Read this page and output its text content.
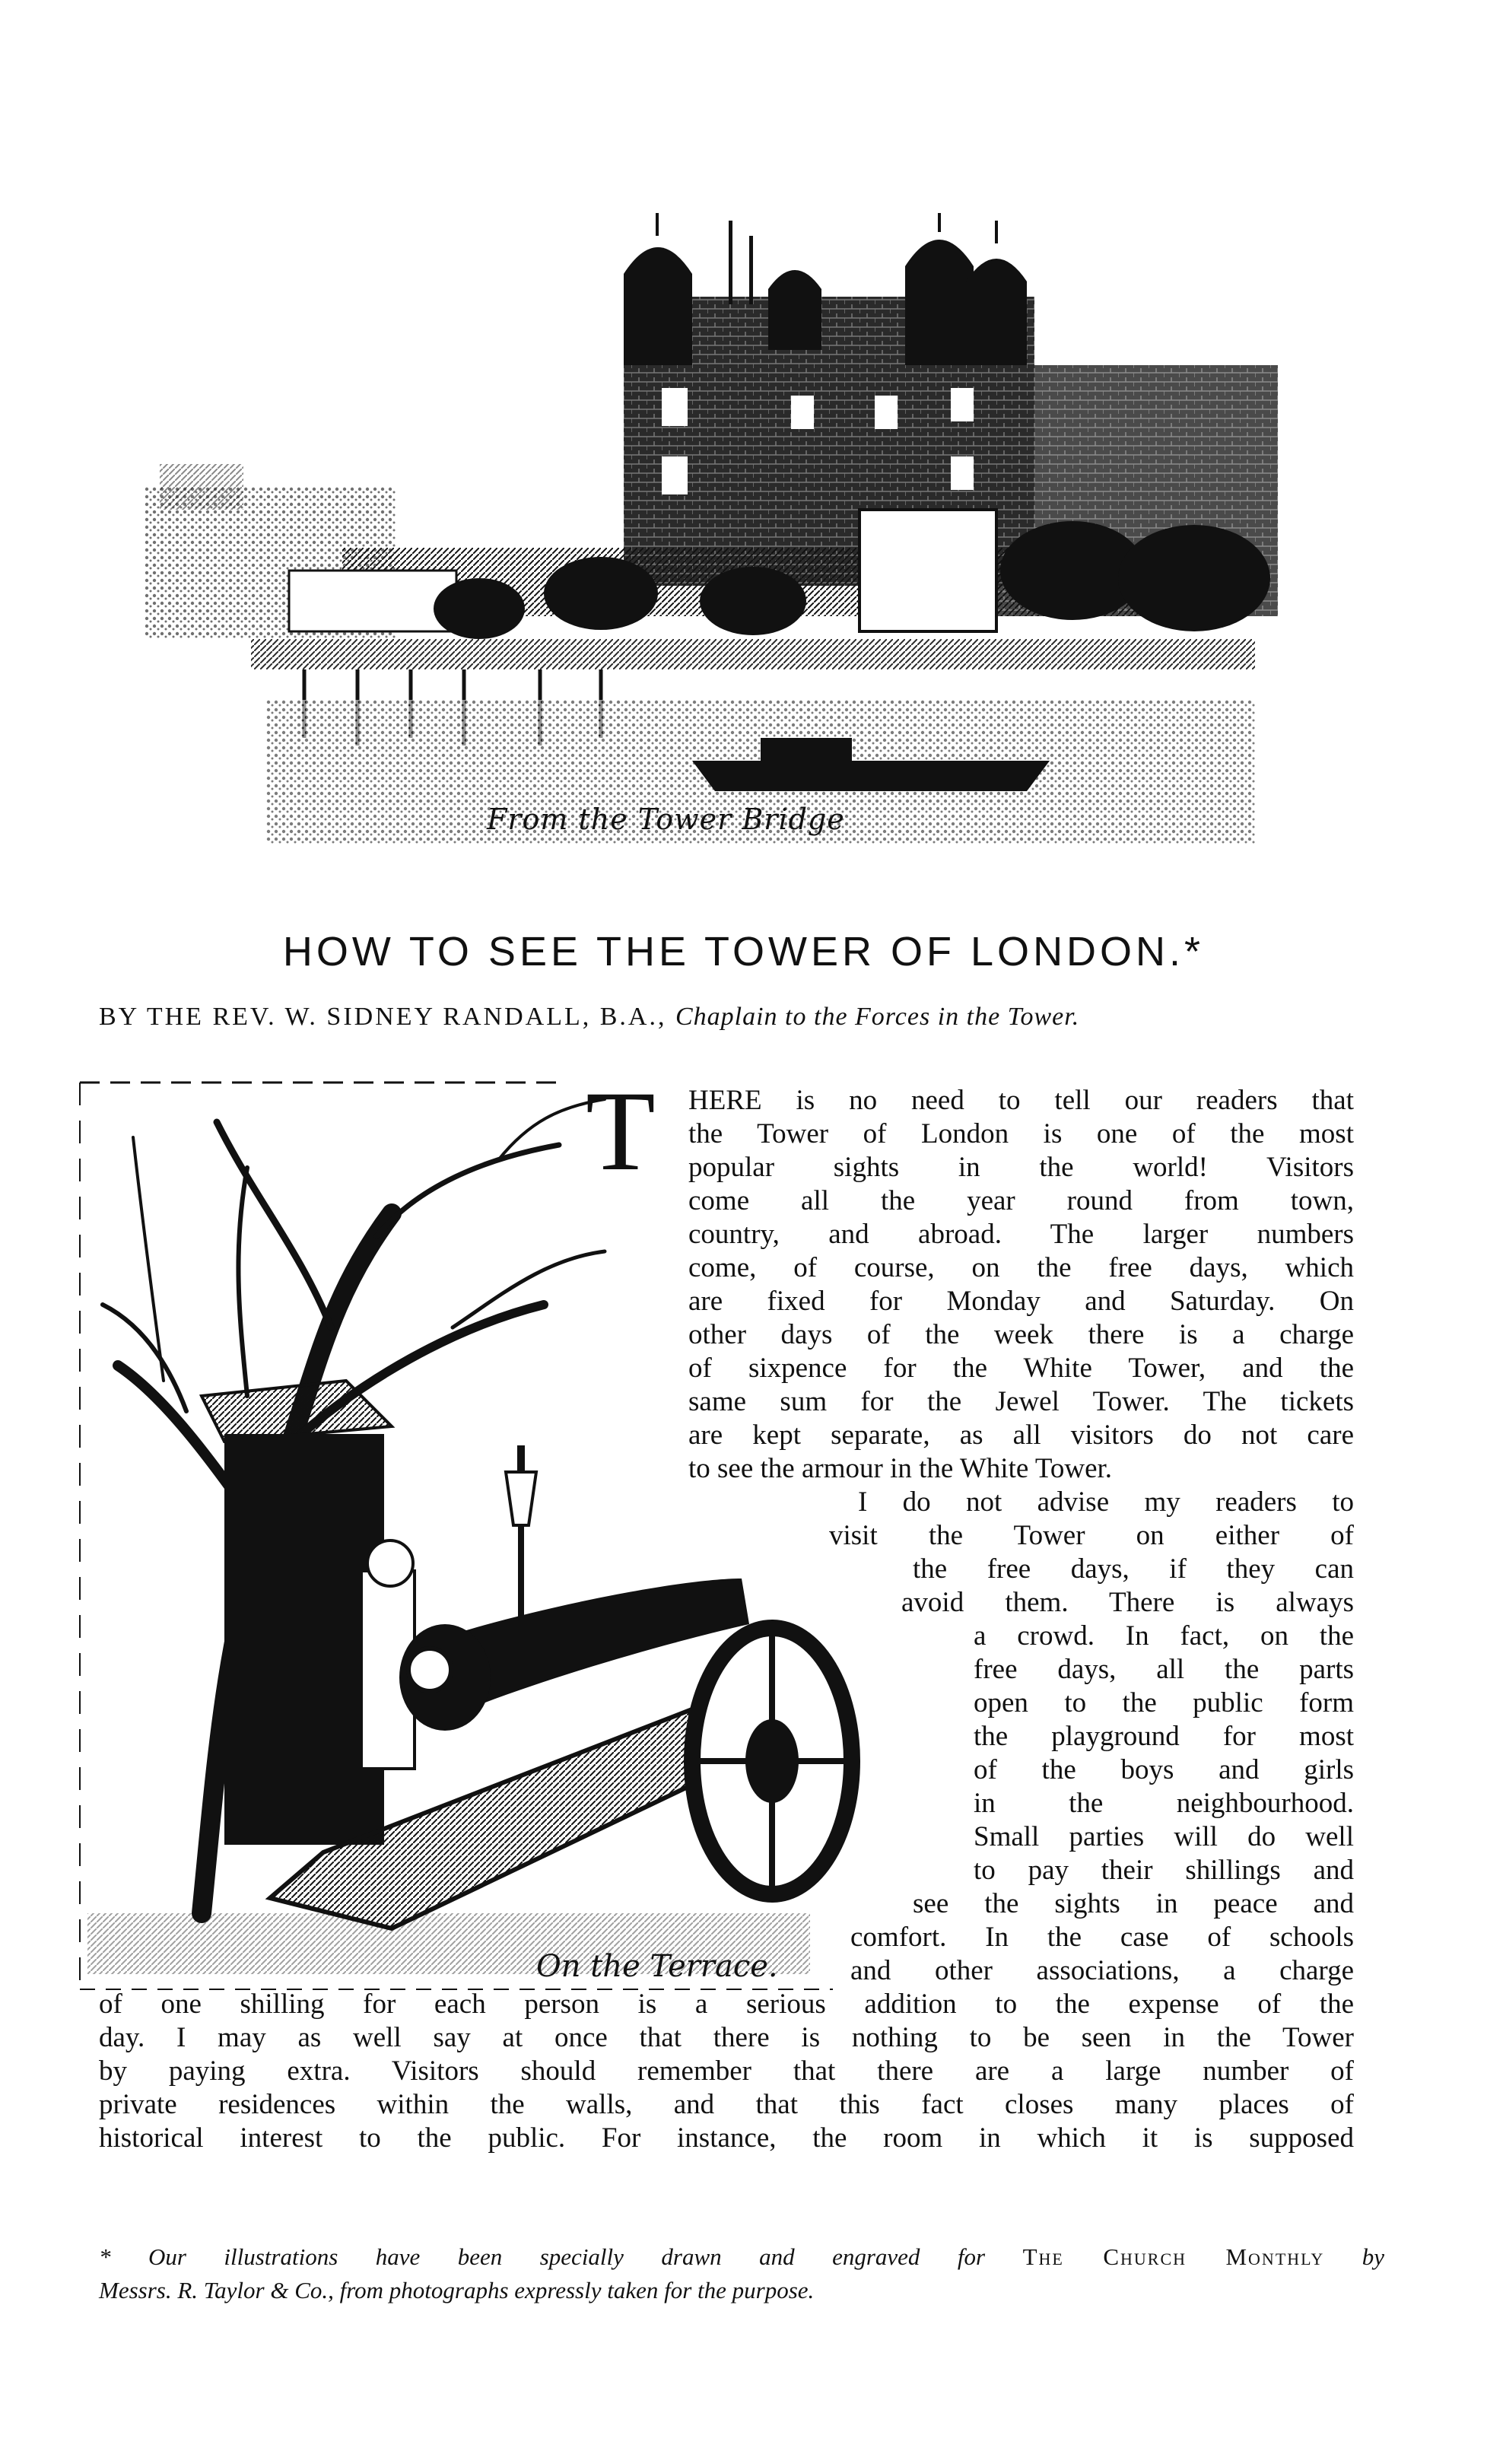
From the Tower Bridge
HOW TO SEE THE TOWER OF LONDON.*
BY THE REV. W. SIDNEY RANDALL, B.A., Chaplain to the Forces in the Tower.
On the Terrace.
T HERE is no need to tell our readers that
the Tower of London is one of the most
popular sights in the world! Visitors
come all the year round from town,
country, and abroad. The larger numbers
come, of course, on the free days, which
are fixed for Monday and Saturday. On
other days of the week there is a charge
of sixpence for the White Tower, and the
same sum for the Jewel Tower. The tickets
are kept separate, as all visitors do not care
to see the armour in the White Tower.
I do not advise my readers to
visit the Tower on either of
the free days, if they can
avoid them. There is always
a crowd. In fact, on the
free days, all the parts
open to the public form
the playground for most
of the boys and girls
in the neighbourhood.
Small parties will do well
to pay their shillings and
see the sights in peace and
comfort. In the case of schools
and other associations, a charge
of one shilling for each person is a serious addition to the expense of the
day. I may as well say at once that there is nothing to be seen in the Tower
by paying extra. Visitors should remember that there are a large number of
private residences within the walls, and that this fact closes many places of
historical interest to the public. For instance, the room in which it is supposed
* Our illustrations have been specially drawn and engraved for The Church Monthly by
Messrs. R. Taylor & Co., from photographs expressly taken for the purpose.
